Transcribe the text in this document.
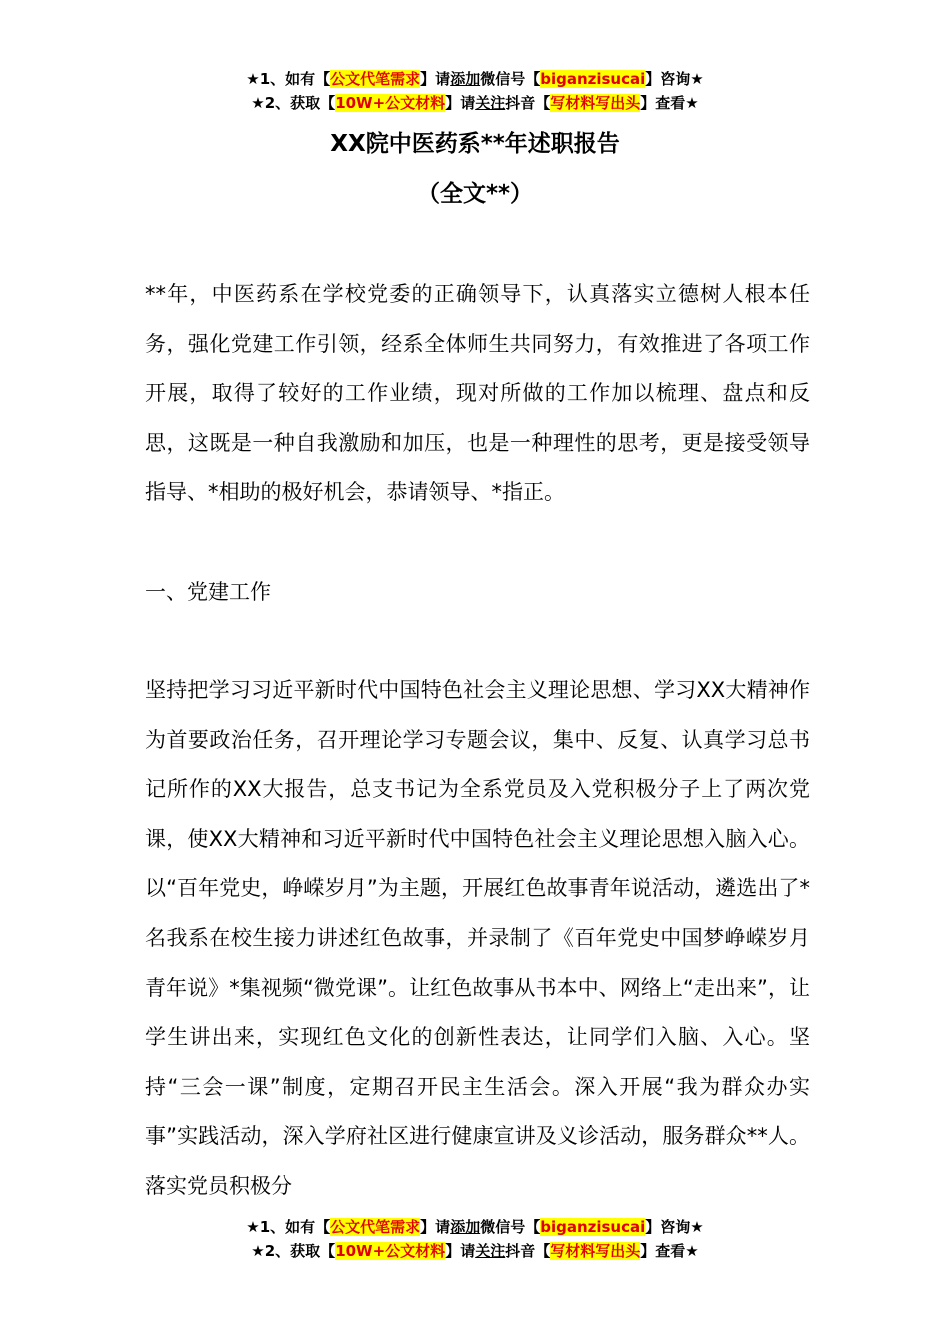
★1、如有【公文代笔需求】请添加微信号【biganzisucai】咨询★
★2、获取【10W+公文材料】请关注抖音【写材料写出头】查看★
XX院中医药系**年述职报告
（全文**）
**年，中医药系在学校党委的正确领导下，认真落实立德树人根本任务，强化党建工作引领，经系全体师生共同努力，有效推进了各项工作开展，取得了较好的工作业绩，现对所做的工作加以梳理、盘点和反思，这既是一种自我激励和加压，也是一种理性的思考，更是接受领导指导、*相助的极好机会，恭请领导、*指正。
一、党建工作
坚持把学习习近平新时代中国特色社会主义理论思想、学习XX大精神作为首要政治任务，召开理论学习专题会议，集中、反复、认真学习总书记所作的XX大报告，总支书记为全系党员及入党积极分子上了两次党课，使XX大精神和习近平新时代中国特色社会主义理论思想入脑入心。以“百年党史，峥嵘岁月”为主题，开展红色故事青年说活动，遴选出了*名我系在校生接力讲述红色故事，并录制了《百年党史中国梦峥嵘岁月青年说》*集视频“微党课”。让红色故事从书本中、网络上“走出来”，让学生讲出来，实现红色文化的创新性表达，让同学们入脑、入心。坚持“三会一课”制度，定期召开民主生活会。深入开展“我为群众办实事”实践活动，深入学府社区进行健康宣讲及义诊活动，服务群众**人。落实党员积极分
★1、如有【公文代笔需求】请添加微信号【biganzisucai】咨询★
★2、获取【10W+公文材料】请关注抖音【写材料写出头】查看★
